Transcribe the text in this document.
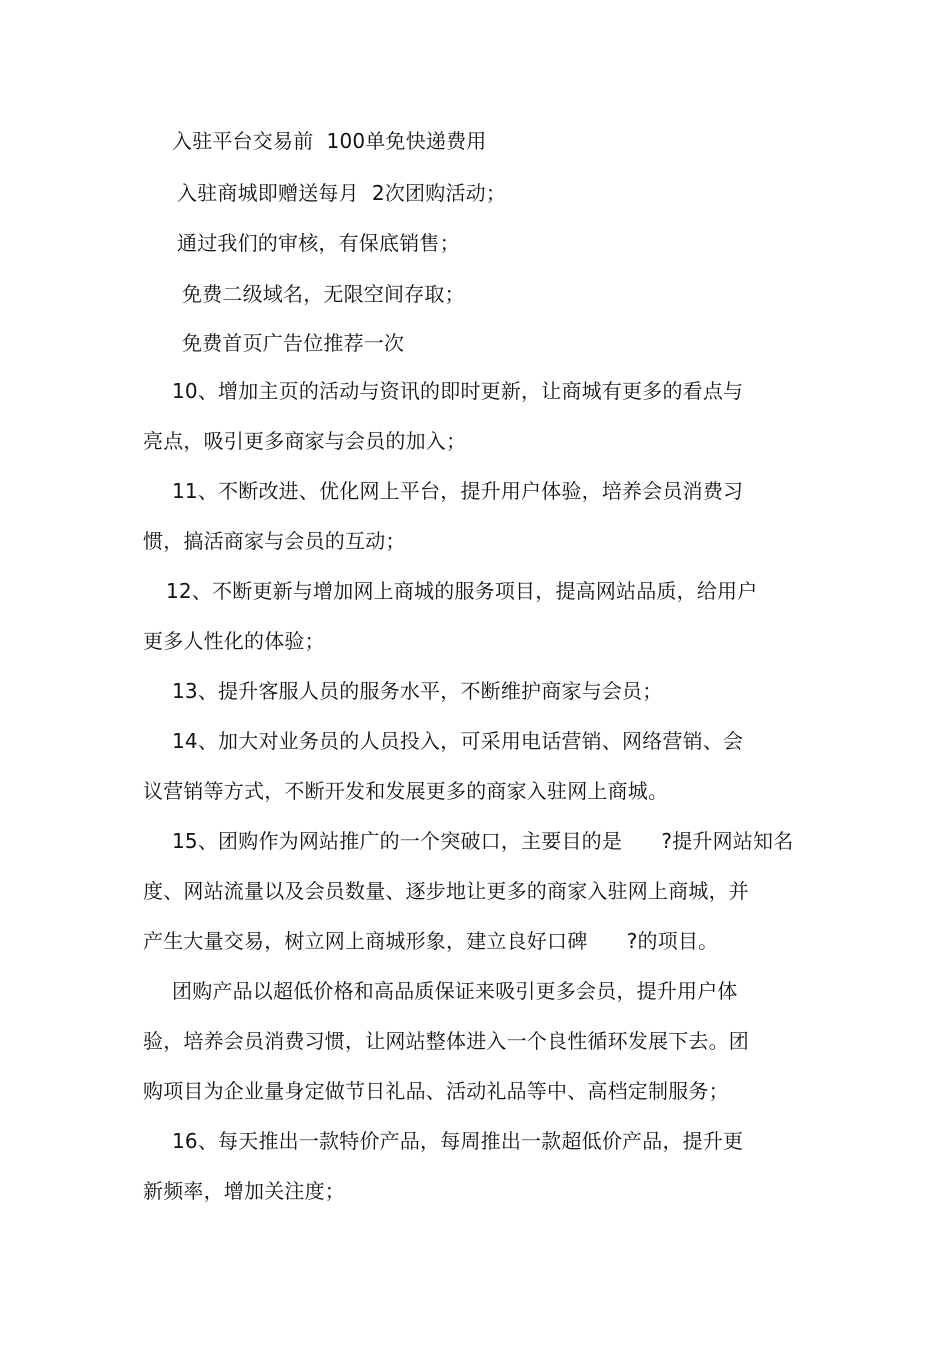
入驻平台交易前  100单免快递费用
入驻商城即赠送每月  2次团购活动；
通过我们的审核，有保底销售；
免费二级域名，无限空间存取；
免费首页广告位推荐一次
10、增加主页的活动与资讯的即时更新，让商城有更多的看点与
亮点，吸引更多商家与会员的加入；
11、不断改进、优化网上平台，提升用户体验，培养会员消费习
惯，搞活商家与会员的互动；
12、不断更新与增加网上商城的服务项目，提高网站品质，给用户
更多人性化的体验；
13、提升客服人员的服务水平，不断维护商家与会员；
14、加大对业务员的人员投入，可采用电话营销、网络营销、会
议营销等方式，不断开发和发展更多的商家入驻网上商城。
15、团购作为网站推广的一个突破口，主要目的是      ?提升网站知名
度、网站流量以及会员数量、逐步地让更多的商家入驻网上商城，并
产生大量交易，树立网上商城形象，建立良好口碑      ?的项目。
团购产品以超低价格和高品质保证来吸引更多会员，提升用户体
验，培养会员消费习惯，让网站整体进入一个良性循环发展下去。团
购项目为企业量身定做节日礼品、活动礼品等中、高档定制服务；
16、每天推出一款特价产品，每周推出一款超低价产品，提升更
新频率，增加关注度；
